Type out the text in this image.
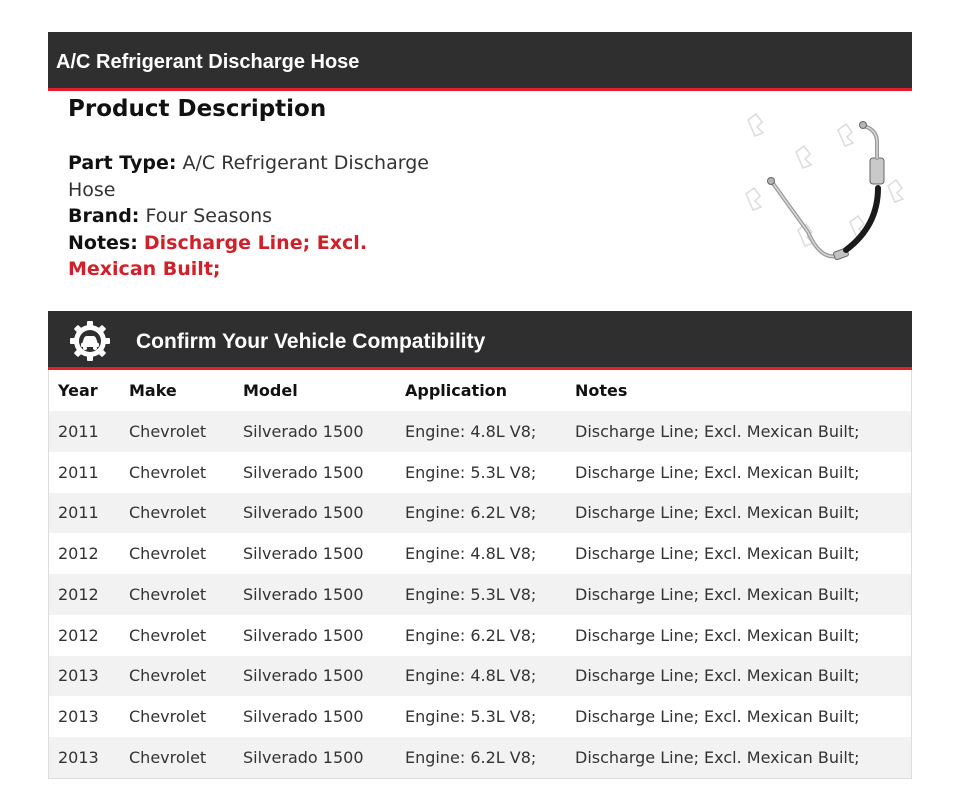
A/C Refrigerant Discharge Hose
Product Description
Part Type: A/C Refrigerant Discharge Hose
Brand: Four Seasons
Notes: Discharge Line; Excl. Mexican Built;
Confirm Your Vehicle Compatibility
Year	Make	Model	Application	Notes
2011	Chevrolet	Silverado 1500	Engine: 4.8L V8;	Discharge Line; Excl. Mexican Built;
2011	Chevrolet	Silverado 1500	Engine: 5.3L V8;	Discharge Line; Excl. Mexican Built;
2011	Chevrolet	Silverado 1500	Engine: 6.2L V8;	Discharge Line; Excl. Mexican Built;
2012	Chevrolet	Silverado 1500	Engine: 4.8L V8;	Discharge Line; Excl. Mexican Built;
2012	Chevrolet	Silverado 1500	Engine: 5.3L V8;	Discharge Line; Excl. Mexican Built;
2012	Chevrolet	Silverado 1500	Engine: 6.2L V8;	Discharge Line; Excl. Mexican Built;
2013	Chevrolet	Silverado 1500	Engine: 4.8L V8;	Discharge Line; Excl. Mexican Built;
2013	Chevrolet	Silverado 1500	Engine: 5.3L V8;	Discharge Line; Excl. Mexican Built;
2013	Chevrolet	Silverado 1500	Engine: 6.2L V8;	Discharge Line; Excl. Mexican Built;
